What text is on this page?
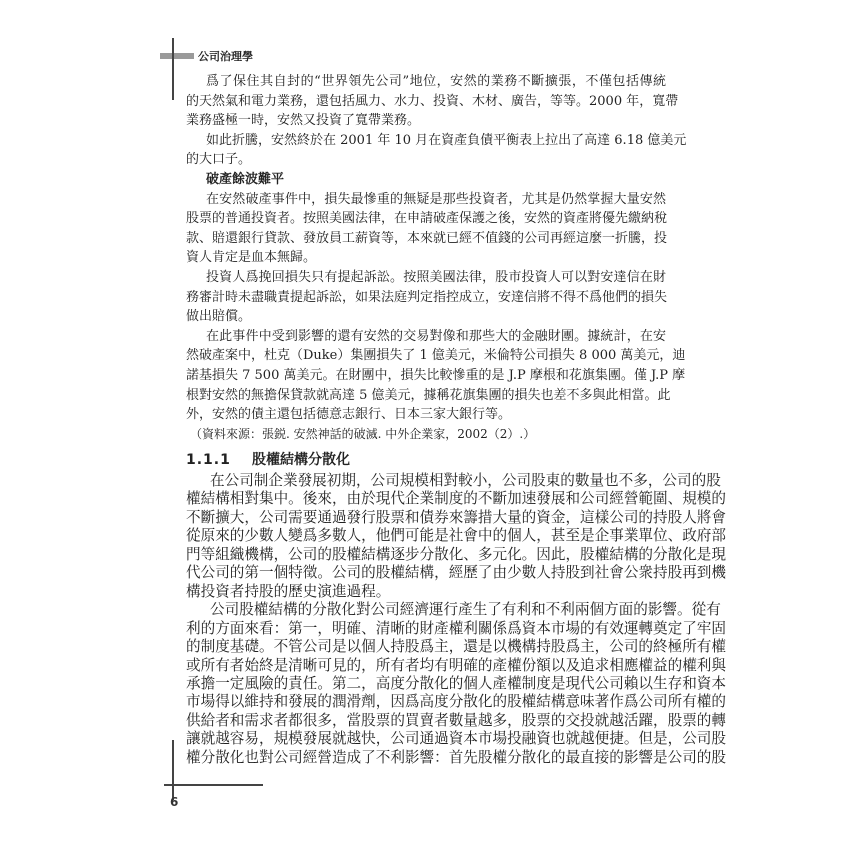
公司治理學
爲了保住其自封的“世界領先公司”地位，安然的業務不斷擴張，不僅包括傳統
的天然氣和電力業務，還包括風力、水力、投資、木材、廣告，等等。2000 年，寬帶
業務盛極一時，安然又投資了寬帶業務。
如此折騰，安然終於在 2001 年 10 月在資產負債平衡表上拉出了高達 6.18 億美元
的大口子。
破產餘波難平
在安然破產事件中，損失最慘重的無疑是那些投資者，尤其是仍然掌握大量安然
股票的普通投資者。按照美國法律，在申請破產保護之後，安然的資產將優先繳納稅
款、賠還銀行貸款、發放員工薪資等，本來就已經不值錢的公司再經這麼一折騰，投
資人肯定是血本無歸。
投資人爲挽回損失只有提起訴訟。按照美國法律，股市投資人可以對安達信在財
務審計時未盡職責提起訴訟，如果法庭判定指控成立，安達信將不得不爲他們的損失
做出賠償。
在此事件中受到影響的還有安然的交易對像和那些大的金融財團。據統計，在安
然破產案中，杜克（Duke）集團損失了 1 億美元，米倫特公司損失 8 000 萬美元，迪
諾基損失 7 500 萬美元。在財團中，損失比較慘重的是 J.P 摩根和花旗集團。僅 J.P 摩
根對安然的無擔保貸款就高達 5 億美元，據稱花旗集團的損失也差不多與此相當。此
外，安然的債主還包括德意志銀行、日本三家大銀行等。
（資料來源：張鋭. 安然神話的破滅. 中外企業家，2002（2）.）
1.1.1 股權結構分散化
在公司制企業發展初期，公司規模相對較小，公司股東的數量也不多，公司的股
權結構相對集中。後來，由於現代企業制度的不斷加速發展和公司經營範圍、規模的
不斷擴大，公司需要通過發行股票和債券來籌措大量的資金，這樣公司的持股人將會
從原來的少數人變爲多數人，他們可能是社會中的個人，甚至是企事業單位、政府部
門等組織機構，公司的股權結構逐步分散化、多元化。因此，股權結構的分散化是現
代公司的第一個特徵。公司的股權結構，經歷了由少數人持股到社會公衆持股再到機
構投資者持股的歷史演進過程。
公司股權結構的分散化對公司經濟運行產生了有利和不利兩個方面的影響。從有
利的方面來看：第一，明確、清晰的財產權利關係爲資本市場的有效運轉奠定了牢固
的制度基礎。不管公司是以個人持股爲主，還是以機構持股爲主，公司的終極所有權
或所有者始終是清晰可見的，所有者均有明確的產權份額以及追求相應權益的權利與
承擔一定風險的責任。第二，高度分散化的個人產權制度是現代公司賴以生存和資本
市場得以維持和發展的潤滑劑，因爲高度分散化的股權結構意味著作爲公司所有權的
供給者和需求者都很多，當股票的買賣者數量越多，股票的交投就越活躍，股票的轉
讓就越容易，規模發展就越快，公司通過資本市場投融資也就越便捷。但是，公司股
權分散化也對公司經營造成了不利影響：首先股權分散化的最直接的影響是公司的股
6
